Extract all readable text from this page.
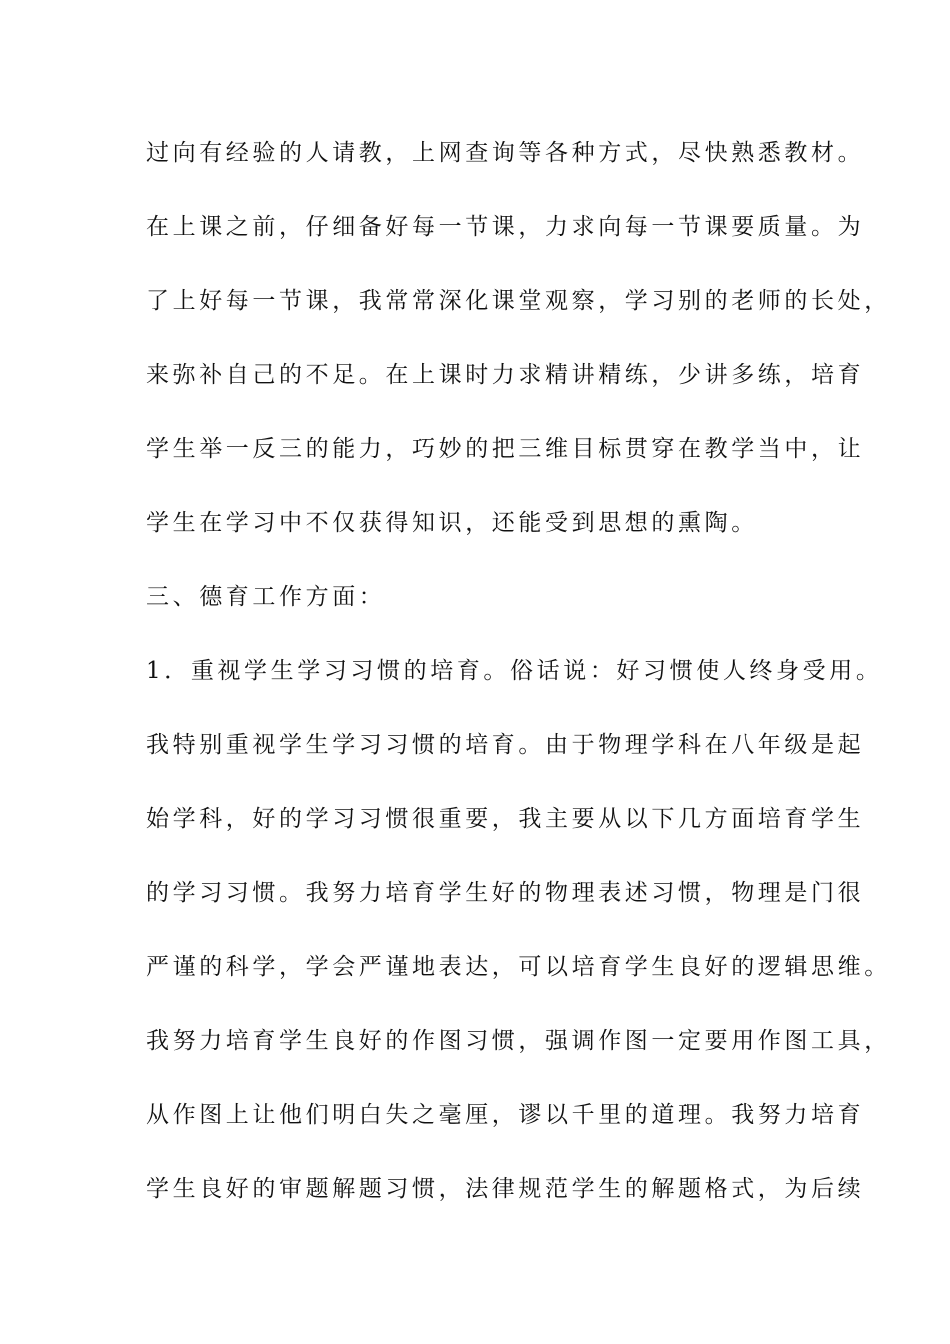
过向有经验的人请教，上网查询等各种方式，尽快熟悉教材。
在上课之前，仔细备好每一节课，力求向每一节课要质量。为
了上好每一节课，我常常深化课堂观察，学习别的老师的长处，
来弥补自己的不足。在上课时力求精讲精练，少讲多练，培育
学生举一反三的能力，巧妙的把三维目标贯穿在教学当中，让
学生在学习中不仅获得知识，还能受到思想的熏陶。
三、德育工作方面：
1．重视学生学习习惯的培育。俗话说：好习惯使人终身受用。
我特别重视学生学习习惯的培育。由于物理学科在八年级是起
始学科，好的学习习惯很重要，我主要从以下几方面培育学生
的学习习惯。我努力培育学生好的物理表述习惯，物理是门很
严谨的科学，学会严谨地表达，可以培育学生良好的逻辑思维。
我努力培育学生良好的作图习惯，强调作图一定要用作图工具，
从作图上让他们明白失之毫厘，谬以千里的道理。我努力培育
学生良好的审题解题习惯，法律规范学生的解题格式，为后续
